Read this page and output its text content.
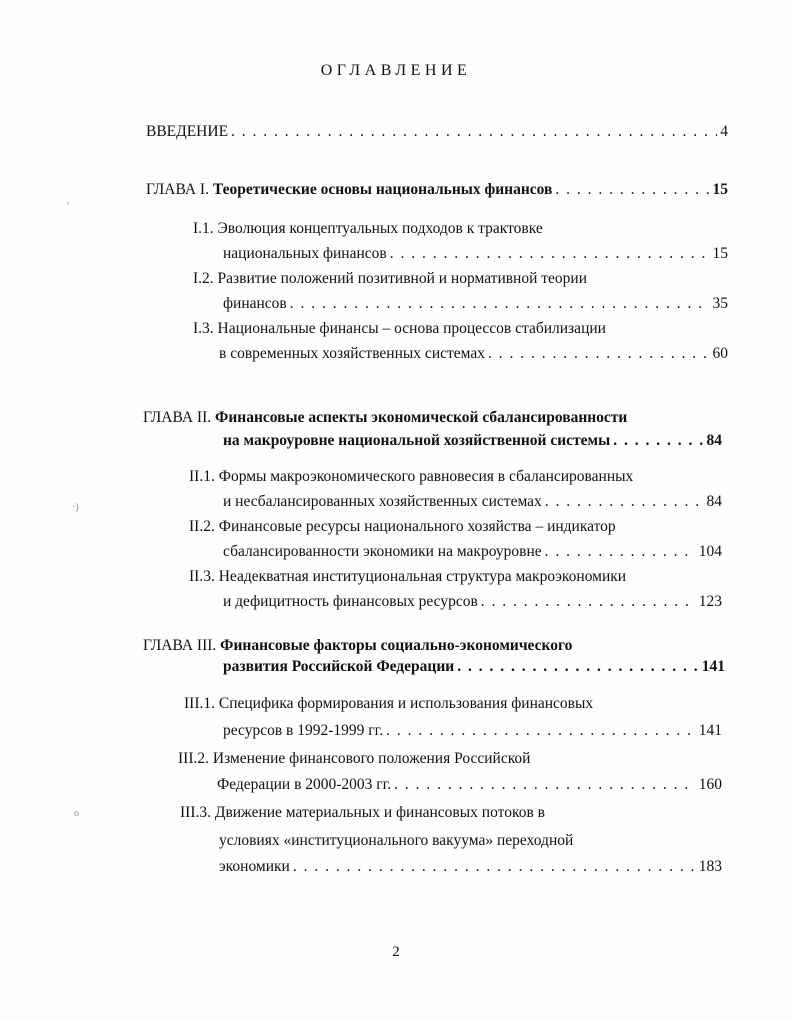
ОГЛАВЛЕНИЕ
ВВЕДЕНИЕ . . .	4
ГЛАВА I.
Теоретические основы национальных финансов . . .	15
I.1.
Эволюция концептуальных подходов к трактовке
национальных финансов . . .	15
I.2.
Развитие положений позитивной и нормативной теории
финансов . . .	35
I.3.
Национальные финансы – основа процессов стабилизации
в современных хозяйственных системах . . .	60
ГЛАВА II.
Финансовые аспекты экономической сбалансированности
на макроуровне национальной хозяйственной системы . . .	84
II.1.
Формы макроэкономического равновесия в сбалансированных
и несбалансированных хозяйственных системах . . .	84
II.2.
Финансовые ресурсы национального хозяйства – индикатор
сбалансированности экономики на макроуровне . . .	104
II.3.
Неадекватная институциональная структура макроэкономики
и дефицитность финансовых ресурсов . . .	123
ГЛАВА III.
Финансовые факторы социально-экономического
развития Российской Федерации . . .	141
III.1.
Специфика формирования и использования финансовых
ресурсов в 1992-1999 гг. . . .	141
III.2.
Изменение финансового положения Российской
Федерации в 2000-2003 гг. . . .	160
III.3.
Движение материальных и финансовых потоков в
условиях «институционального вакуума» переходной
экономики . . .	183
2
,
·)
o
